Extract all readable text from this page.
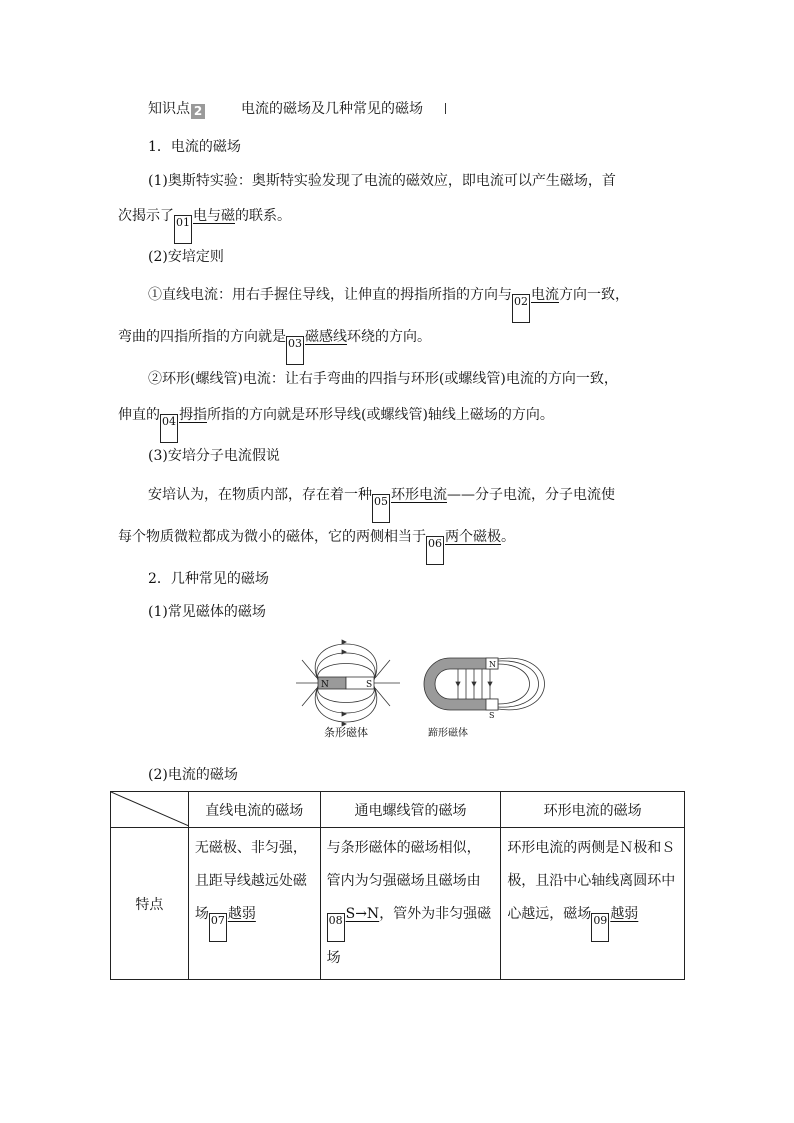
知识点 2	电流的磁场及几种常见的磁场
1．电流的磁场
(1)奥斯特实验：奥斯特实验发现了电流的磁效应，即电流可以产生磁场，首
次揭示了 01 电与磁的联系。
(2)安培定则
①直线电流：用右手握住导线，让伸直的拇指所指的方向与 02 电流方向一致，
弯曲的四指所指的方向就是 03 磁感线环绕的方向。
②环形(螺线管)电流：让右手弯曲的四指与环形(或螺线管)电流的方向一致，
伸直的 04 拇指所指的方向就是环形导线(或螺线管)轴线上磁场的方向。
(3)安培分子电流假说
安培认为，在物质内部，存在着一种 05 环形电流——分子电流，分子电流使
每个物质微粒都成为微小的磁体，它的两侧相当于 06 两个磁极。
2．几种常见的磁场
(1)常见磁体的磁场
N	S
条形磁体
N
S
蹄形磁体
(2)电流的磁场
	直线电流的磁场	通电螺线管的磁场	环形电流的磁场
特点	无磁极、非匀强，且距导线越远处磁场 07 越弱	与条形磁体的磁场相似，管内为匀强磁场且磁场由
08 S→N，管外为非匀强磁场	环形电流的两侧是Ｎ极和Ｓ极，且沿中心轴线离圆环中心越远，磁场 09 越弱
